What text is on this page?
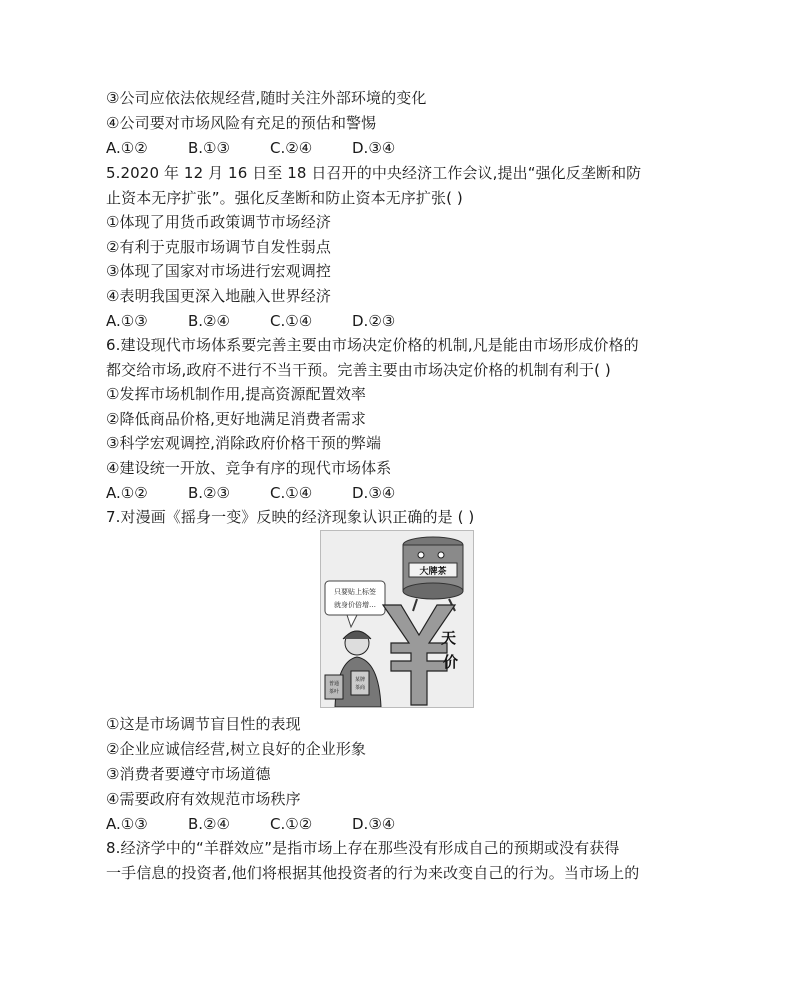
③公司应依法依规经营,随时关注外部环境的变化
④公司要对市场风险有充足的预估和警惕
A.①②	B.①③	C.②④	D.③④
5.2020 年 12 月 16 日至 18 日召开的中央经济工作会议,提出“强化反垄断和防
止资本无序扩张”。强化反垄断和防止资本无序扩张( )
①体现了用货币政策调节市场经济
②有利于克服市场调节自发性弱点
③体现了国家对市场进行宏观调控
④表明我国更深入地融入世界经济
A.①③	B.②④	C.①④	D.②③
6.建设现代市场体系要完善主要由市场决定价格的机制,凡是能由市场形成价格的
都交给市场,政府不进行不当干预。完善主要由市场决定价格的机制有利于( )
①发挥市场机制作用,提高资源配置效率
②降低商品价格,更好地满足消费者需求
③科学宏观调控,消除政府价格干预的弊端
④建设统一开放、竞争有序的现代市场体系
A.①②	B.②③	C.①④	D.③④
7.对漫画《摇身一变》反映的经济现象认识正确的是 ( )
只要贴上标签
就身价倍增…
大牌茶
天
价
普通
茶叶
某牌
茶商
①这是市场调节盲目性的表现
②企业应诚信经营,树立良好的企业形象
③消费者要遵守市场道德
④需要政府有效规范市场秩序
A.①③	B.②④	C.①②	D.③④
8.经济学中的“羊群效应”是指市场上存在那些没有形成自己的预期或没有获得
一手信息的投资者,他们将根据其他投资者的行为来改变自己的行为。当市场上的
